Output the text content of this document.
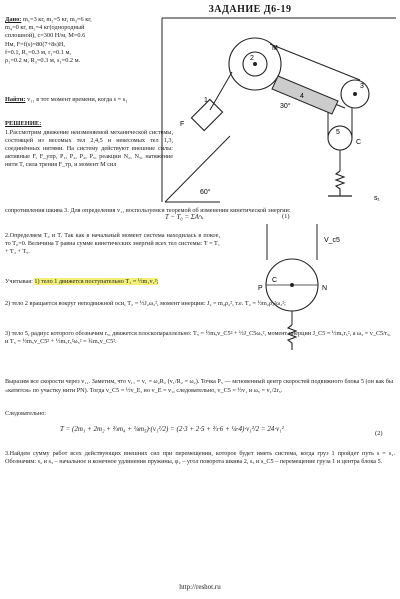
ЗАДАНИЕ Д6-19
Дано: m₁=3 кг, m₂=5 кг, m₃=6 кг,
m₄=0 кг, m₅=4 кг(однородный
сплошной), c=300 Н/м, M=0.6
Нм, F=f(s)=80(7+8s)Н,
f=0.1, R₁=0.3 м, r₁=0.1 м,
ρ₁=0.2 м, R₃=0.3 м, s₁=0.2 м.
Найти: v₁₁ в тот момент времени, когда s = s₁
РЕШЕНИЕ:
1.Рассмотрим движение неизменяемой механической системы, состоящей из весомых тел 2,4,5 и невесомых тел 1,3, соединённых нитями. На систему действуют внешние силы: активные F, F_упр, P₁, P₂, P₄, P₅, реакции N₂, N₃, натяжение нити T, сила трения F_тр, и момент M сил
сопротивления шкива 3. Для определения v₁₁ воспользуемся теоремой об изменении кинетической энергии:
T − T₀ = ΣAᵉₖ	(1)
2.Определяем T₀ и T. Так как в начальный момент система находилась в покое, то T₀=0. Величина T равна сумме кинетических энергий всех тел системы: T = T₁ + T₄ + T₅.
Учитывая: 1) тело 1 движется поступательно T₁ = ½m₁v₁²;
2) тело 2 вращается вокруг неподвижной оси, T₂ = ½J₂ω₂², момент инерции: J₂ = m₂ρ₂², т.е. T₂ = ½m₂ρ₂²ω₂²;
3) тело 5, радиус которого обозначим r₅, движется плоскопараллельно: T₅ = ½m₅v_C5² + ½J_C5ω₅², момент инерции J_C5 = ½m₅r₅², а ω₅ = v_C5/r₅, и T₅ = ½m₅v_C5² + ½m₅r₅²ω₅² = ¾m₅v_C5².
Выразим все скорости через v₁₁. Заметим, что v₁₁ = v₁ = ω₂R₂ (v₁/R₂ = ω₂). Точка P₅ — мгновенный центр скоростей подвижного блока 5 (он как бы «катится» по участку нити PN). Тогда v_C5 = ½v_E, но v_E = v₁, следовательно, v_C5 = ½v₁ и ω₅ = v₁/2r₅.
Следовательно:
T = (2m₁ + 2m₂ + ⅔m₄ + ¼m₅)·(v₁²/2) = (2·3 + 2·5 + ⅔·6 + ¼·4)·v₁²/2 = 24·v₁²
(2)
3.Найдем сумму работ всех действующих внешних сил при перемещении, которое будет иметь система, когда груз 1 пройдет путь s = s₁. Обозначим: s₂ и s₃ – начальное и конечное удлинения пружины, φ₂ – угол поворота шкива 2, s₅ и s_C5 – перемещение груза 1 и центра блока 5.
http://reshot.ru
M
F
1
2
3
4
5
30°
60°
C
s₁
C
P	N
V_c5
